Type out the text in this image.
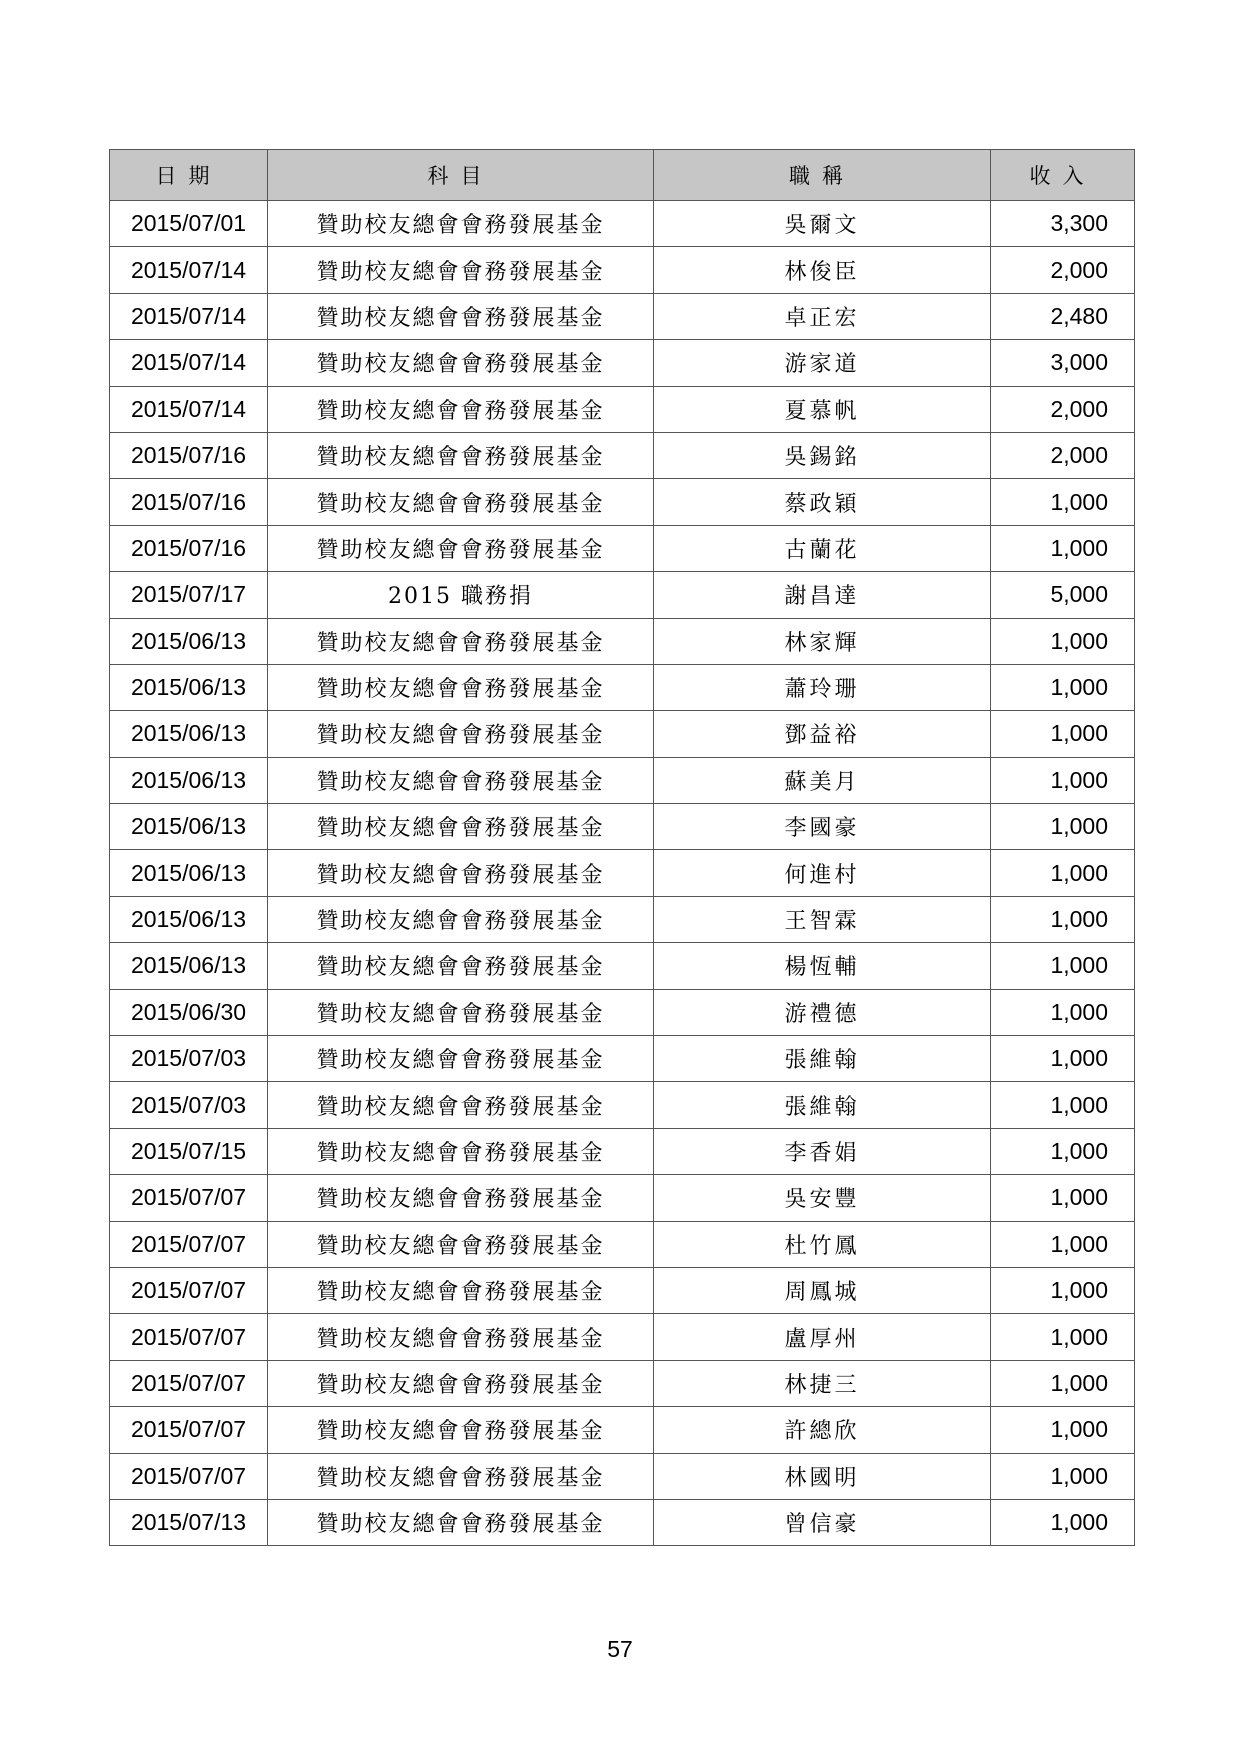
日期	科目	職稱	收入
2015/07/01	贊助校友總會會務發展基金	吳爾文	3,300
2015/07/14	贊助校友總會會務發展基金	林俊臣	2,000
2015/07/14	贊助校友總會會務發展基金	卓正宏	2,480
2015/07/14	贊助校友總會會務發展基金	游家道	3,000
2015/07/14	贊助校友總會會務發展基金	夏慕帆	2,000
2015/07/16	贊助校友總會會務發展基金	吳錫銘	2,000
2015/07/16	贊助校友總會會務發展基金	蔡政穎	1,000
2015/07/16	贊助校友總會會務發展基金	古蘭花	1,000
2015/07/17	2015 職務捐	謝昌達	5,000
2015/06/13	贊助校友總會會務發展基金	林家輝	1,000
2015/06/13	贊助校友總會會務發展基金	蕭玲珊	1,000
2015/06/13	贊助校友總會會務發展基金	鄧益裕	1,000
2015/06/13	贊助校友總會會務發展基金	蘇美月	1,000
2015/06/13	贊助校友總會會務發展基金	李國豪	1,000
2015/06/13	贊助校友總會會務發展基金	何進村	1,000
2015/06/13	贊助校友總會會務發展基金	王智霖	1,000
2015/06/13	贊助校友總會會務發展基金	楊恆輔	1,000
2015/06/30	贊助校友總會會務發展基金	游禮德	1,000
2015/07/03	贊助校友總會會務發展基金	張維翰	1,000
2015/07/03	贊助校友總會會務發展基金	張維翰	1,000
2015/07/15	贊助校友總會會務發展基金	李香娟	1,000
2015/07/07	贊助校友總會會務發展基金	吳安豐	1,000
2015/07/07	贊助校友總會會務發展基金	杜竹鳳	1,000
2015/07/07	贊助校友總會會務發展基金	周鳳城	1,000
2015/07/07	贊助校友總會會務發展基金	盧厚州	1,000
2015/07/07	贊助校友總會會務發展基金	林捷三	1,000
2015/07/07	贊助校友總會會務發展基金	許總欣	1,000
2015/07/07	贊助校友總會會務發展基金	林國明	1,000
2015/07/13	贊助校友總會會務發展基金	曾信豪	1,000
57
